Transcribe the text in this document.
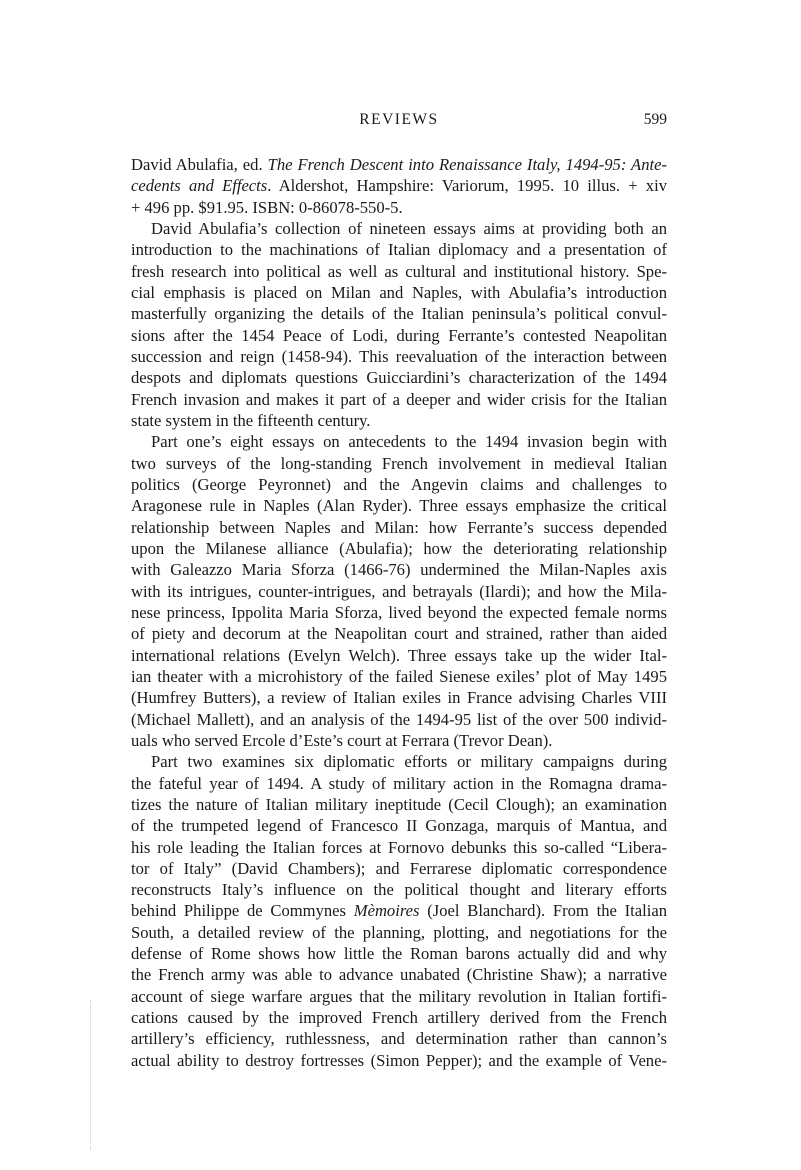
REVIEWS	599
David Abulafia, ed. The French Descent into Renaissance Italy, 1494-95: Ante-
cedents and Effects. Aldershot, Hampshire: Variorum, 1995. 10 illus. + xiv
+ 496 pp. $91.95. ISBN: 0-86078-550-5.
David Abulafia’s collection of nineteen essays aims at providing both an
introduction to the machinations of Italian diplomacy and a presentation of
fresh research into political as well as cultural and institutional history. Spe-
cial emphasis is placed on Milan and Naples, with Abulafia’s introduction
masterfully organizing the details of the Italian peninsula’s political convul-
sions after the 1454 Peace of Lodi, during Ferrante’s contested Neapolitan
succession and reign (1458-94). This reevaluation of the interaction between
despots and diplomats questions Guicciardini’s characterization of the 1494
French invasion and makes it part of a deeper and wider crisis for the Italian
state system in the fifteenth century.
Part one’s eight essays on antecedents to the 1494 invasion begin with
two surveys of the long-standing French involvement in medieval Italian
politics (George Peyronnet) and the Angevin claims and challenges to
Aragonese rule in Naples (Alan Ryder). Three essays emphasize the critical
relationship between Naples and Milan: how Ferrante’s success depended
upon the Milanese alliance (Abulafia); how the deteriorating relationship
with Galeazzo Maria Sforza (1466-76) undermined the Milan-Naples axis
with its intrigues, counter-intrigues, and betrayals (Ilardi); and how the Mila-
nese princess, Ippolita Maria Sforza, lived beyond the expected female norms
of piety and decorum at the Neapolitan court and strained, rather than aided
international relations (Evelyn Welch). Three essays take up the wider Ital-
ian theater with a microhistory of the failed Sienese exiles’ plot of May 1495
(Humfrey Butters), a review of Italian exiles in France advising Charles VIII
(Michael Mallett), and an analysis of the 1494-95 list of the over 500 individ-
uals who served Ercole d’Este’s court at Ferrara (Trevor Dean).
Part two examines six diplomatic efforts or military campaigns during
the fateful year of 1494. A study of military action in the Romagna drama-
tizes the nature of Italian military ineptitude (Cecil Clough); an examination
of the trumpeted legend of Francesco II Gonzaga, marquis of Mantua, and
his role leading the Italian forces at Fornovo debunks this so-called “Libera-
tor of Italy” (David Chambers); and Ferrarese diplomatic correspondence
reconstructs Italy’s influence on the political thought and literary efforts
behind Philippe de Commynes Mèmoires (Joel Blanchard). From the Italian
South, a detailed review of the planning, plotting, and negotiations for the
defense of Rome shows how little the Roman barons actually did and why
the French army was able to advance unabated (Christine Shaw); a narrative
account of siege warfare argues that the military revolution in Italian fortifi-
cations caused by the improved French artillery derived from the French
artillery’s efficiency, ruthlessness, and determination rather than cannon’s
actual ability to destroy fortresses (Simon Pepper); and the example of Vene-
